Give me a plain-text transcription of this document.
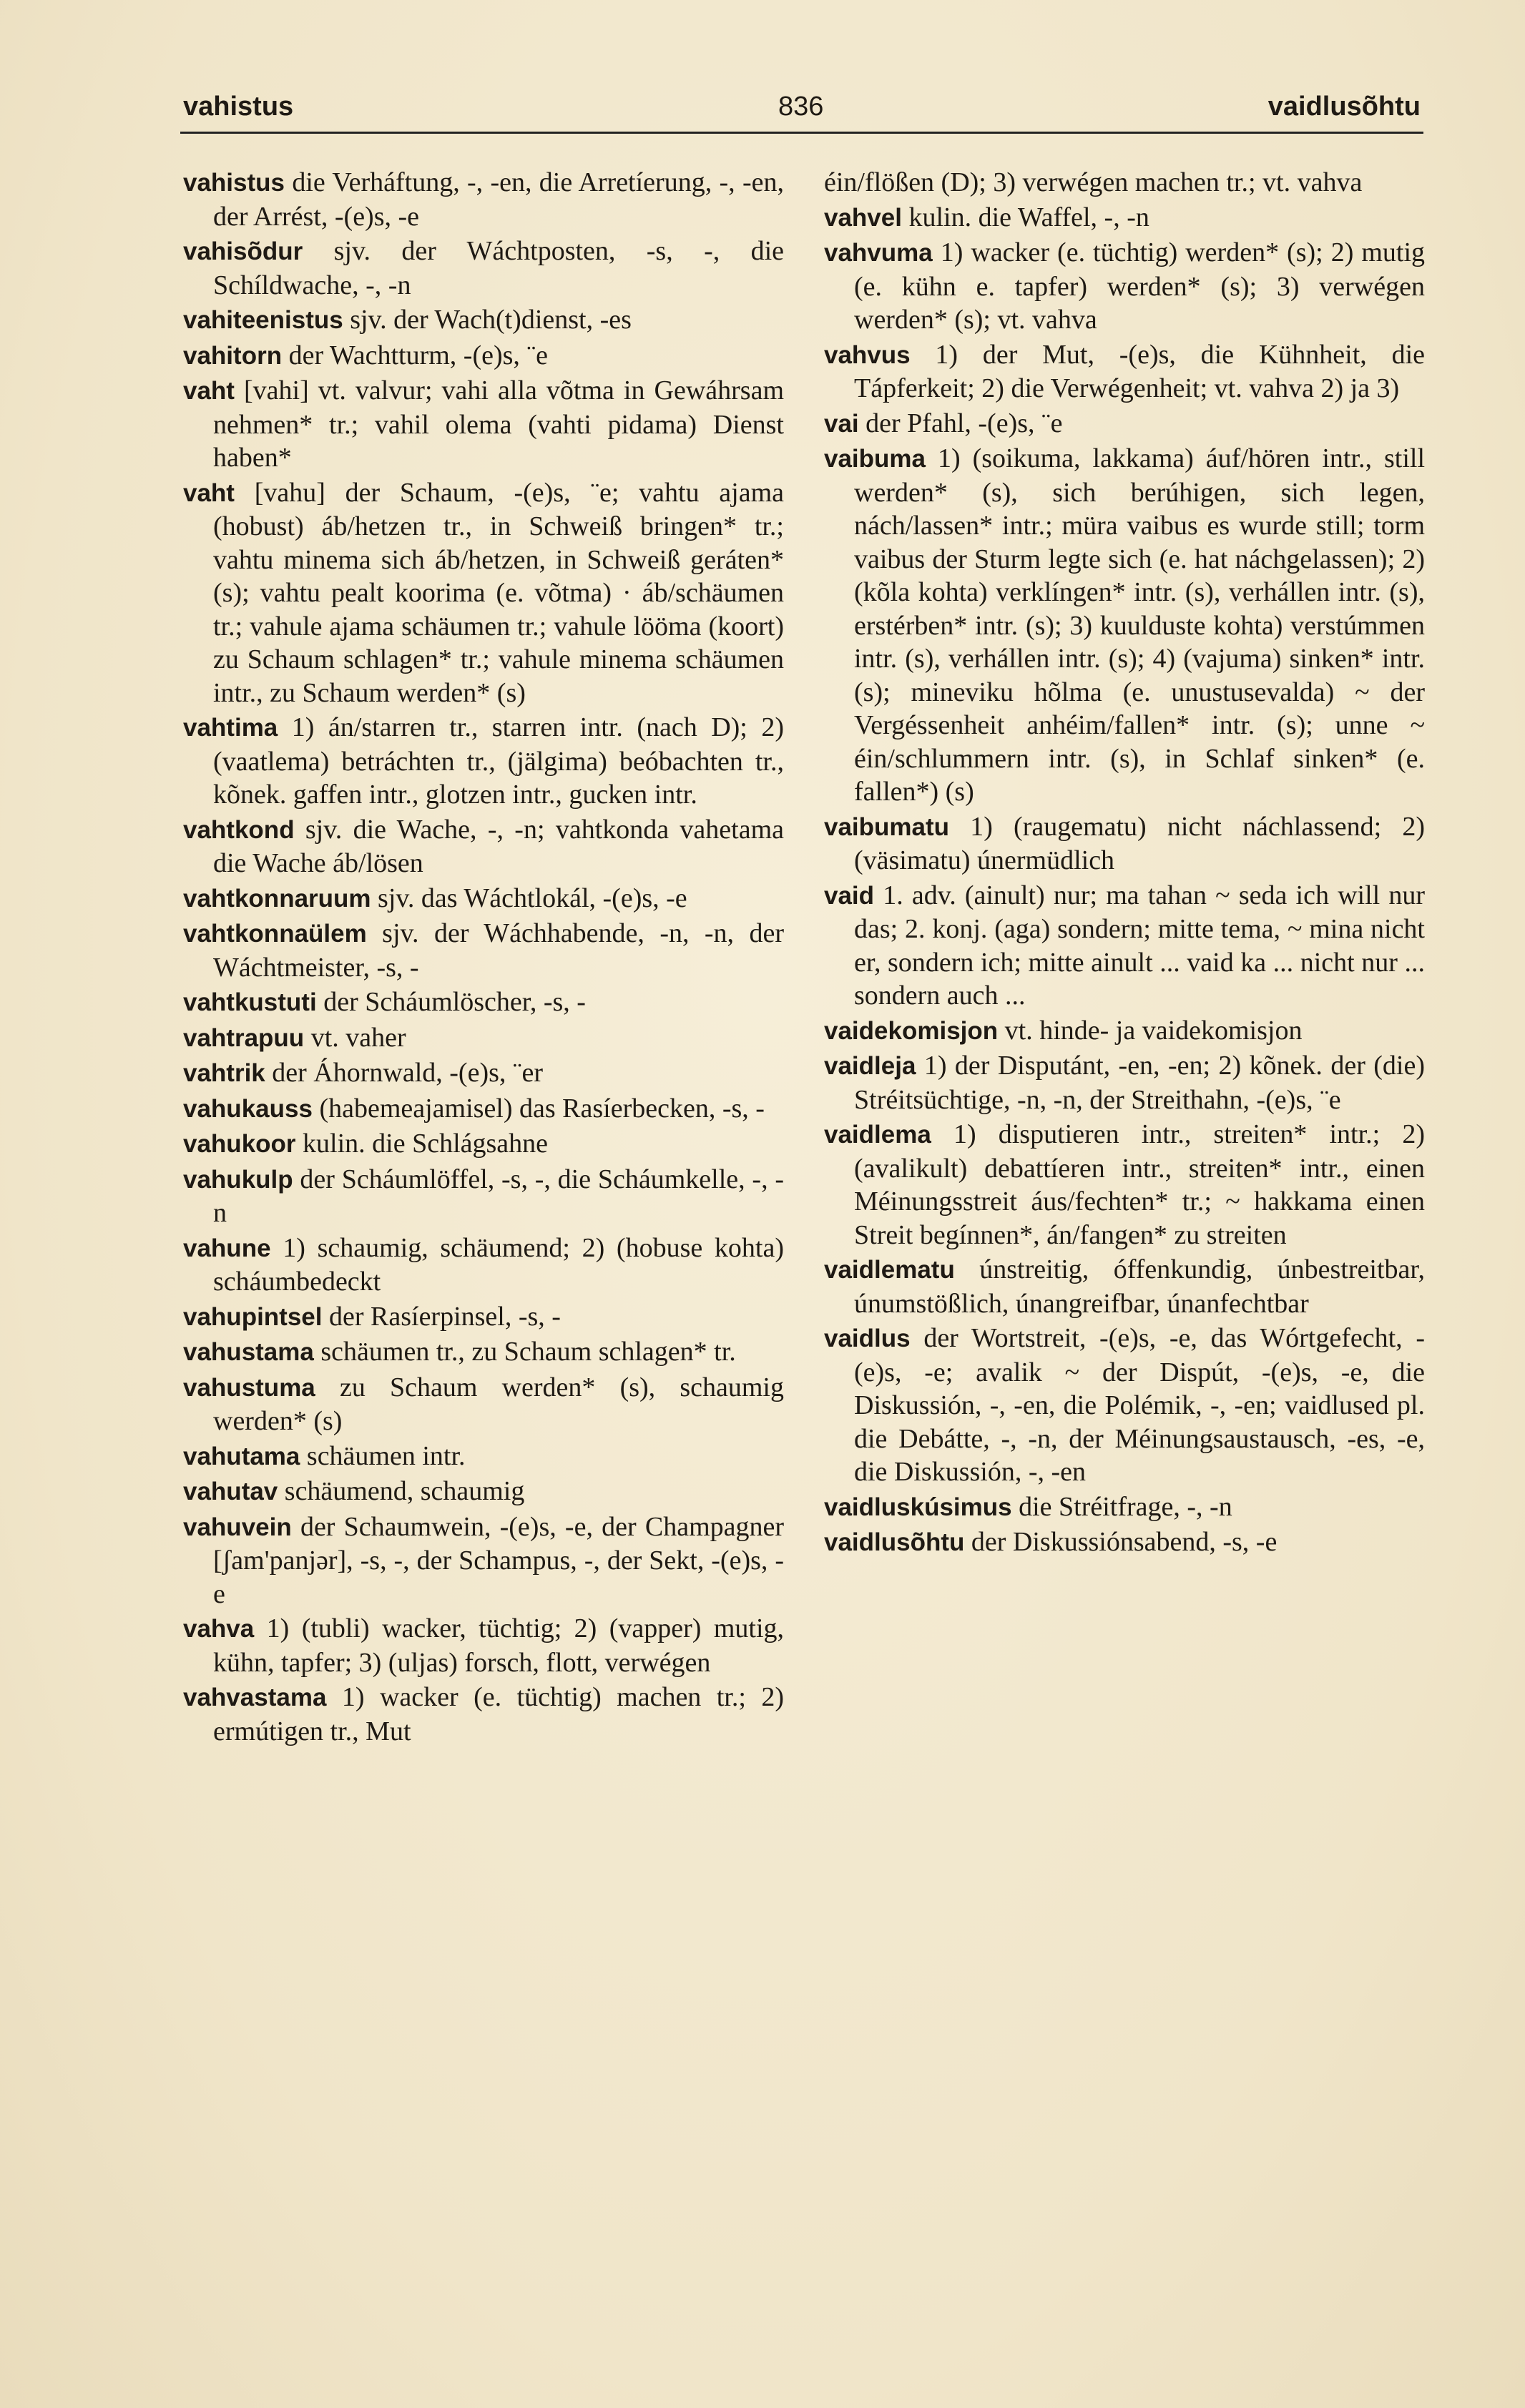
vahistus	836	vaidlusõhtu

vahistus die Verháftung, -, -en, die Arretíerung, -, -en, der Arrést, -(e)s, -e

vahisõdur sjv. der Wáchtposten, -s, -, die Schíldwache, -, -n

vahiteenistus sjv. der Wach(t)dienst, -es

vahitorn der Wachtturm, -(e)s, ¨e

vaht [vahi] vt. valvur; vahi alla võtma in Gewáhrsam nehmen* tr.; vahil olema (vahti pidama) Dienst haben*

vaht [vahu] der Schaum, -(e)s, ¨e; vahtu ajama (hobust) áb/hetzen tr., in Schweiß bringen* tr.; vahtu minema sich áb/hetzen, in Schweiß geráten* (s); vahtu pealt koorima (e. võtma) · áb/schäumen tr.; vahule ajama schäumen tr.; vahule lööma (koort) zu Schaum schlagen* tr.; vahule minema schäumen intr., zu Schaum werden* (s)

vahtima 1) án/starren tr., starren intr. (nach D); 2) (vaatlema) betráchten tr., (jälgima) beóbachten tr., kõnek. gaffen intr., glotzen intr., gucken intr.

vahtkond sjv. die Wache, -, -n; vahtkonda vahetama die Wache áb/lösen

vahtkonnaruum sjv. das Wáchtlokál, -(e)s, -e

vahtkonnaülem sjv. der Wáchhabende, -n, -n, der Wáchtmeister, -s, -

vahtkustuti der Scháumlöscher, -s, -

vahtrapuu vt. vaher

vahtrik der Áhornwald, -(e)s, ¨er

vahukauss (habemeajamisel) das Rasíerbecken, -s, -

vahukoor kulin. die Schlágsahne

vahukulp der Scháumlöffel, -s, -, die Scháumkelle, -, -n

vahune 1) schaumig, schäumend; 2) (hobuse kohta) scháumbedeckt

vahupintsel der Rasíerpinsel, -s, -

vahustama schäumen tr., zu Schaum schlagen* tr.

vahustuma zu Schaum werden* (s), schaumig werden* (s)

vahutama schäumen intr.

vahutav schäumend, schaumig

vahuvein der Schaumwein, -(e)s, -e, der Champagner [ʃam'panjər], -s, -, der Schampus, -, der Sekt, -(e)s, -e

vahva 1) (tubli) wacker, tüchtig; 2) (vapper) mutig, kühn, tapfer; 3) (uljas) forsch, flott, verwégen

vahvastama 1) wacker (e. tüchtig) machen tr.; 2) ermútigen tr., Mut

éin/flößen (D); 3) verwégen machen tr.; vt. vahva

vahvel kulin. die Waffel, -, -n

vahvuma 1) wacker (e. tüchtig) werden* (s); 2) mutig (e. kühn e. tapfer) werden* (s); 3) verwégen werden* (s); vt. vahva

vahvus 1) der Mut, -(e)s, die Kühnheit, die Tápferkeit; 2) die Verwégenheit; vt. vahva 2) ja 3)

vai der Pfahl, -(e)s, ¨e

vaibuma 1) (soikuma, lakkama) áuf/hören intr., still werden* (s), sich berúhigen, sich legen, nách/lassen* intr.; müra vaibus es wurde still; torm vaibus der Sturm legte sich (e. hat náchgelassen); 2) (kõla kohta) verklíngen* intr. (s), verhállen intr. (s), erstérben* intr. (s); 3) kuulduste kohta) verstúmmen intr. (s), verhállen intr. (s); 4) (vajuma) sinken* intr. (s); mineviku hõlma (e. unustusevalda) ~ der Vergéssenheit anhéim/fallen* intr. (s); unne ~ éin/schlummern intr. (s), in Schlaf sinken* (e. fallen*) (s)

vaibumatu 1) (raugematu) nicht náchlassend; 2) (väsimatu) únermüdlich

vaid 1. adv. (ainult) nur; ma tahan ~ seda ich will nur das; 2. konj. (aga) sondern; mitte tema, ~ mina nicht er, sondern ich; mitte ainult ... vaid ka ... nicht nur ... sondern auch ...

vaidekomisjon vt. hinde- ja vaidekomisjon

vaidleja 1) der Disputánt, -en, -en; 2) kõnek. der (die) Stréitsüchtige, -n, -n, der Streithahn, -(e)s, ¨e

vaidlema 1) disputieren intr., streiten* intr.; 2) (avalikult) debattíeren intr., streiten* intr., einen Méinungsstreit áus/fechten* tr.; ~ hakkama einen Streit begínnen*, án/fangen* zu streiten

vaidlematu únstreitig, óffenkundig, únbestreitbar, únumstößlich, únangreifbar, únanfechtbar

vaidlus der Wortstreit, -(e)s, -e, das Wórtgefecht, -(e)s, -e; avalik ~ der Dispút, -(e)s, -e, die Diskussión, -, -en, die Polémik, -, -en; vaidlused pl. die Debátte, -, -n, der Méinungsaustausch, -es, -e, die Diskussión, -, -en

vaidluskúsimus die Stréitfrage, -, -n

vaidlusõhtu der Diskussiónsabend, -s, -e
